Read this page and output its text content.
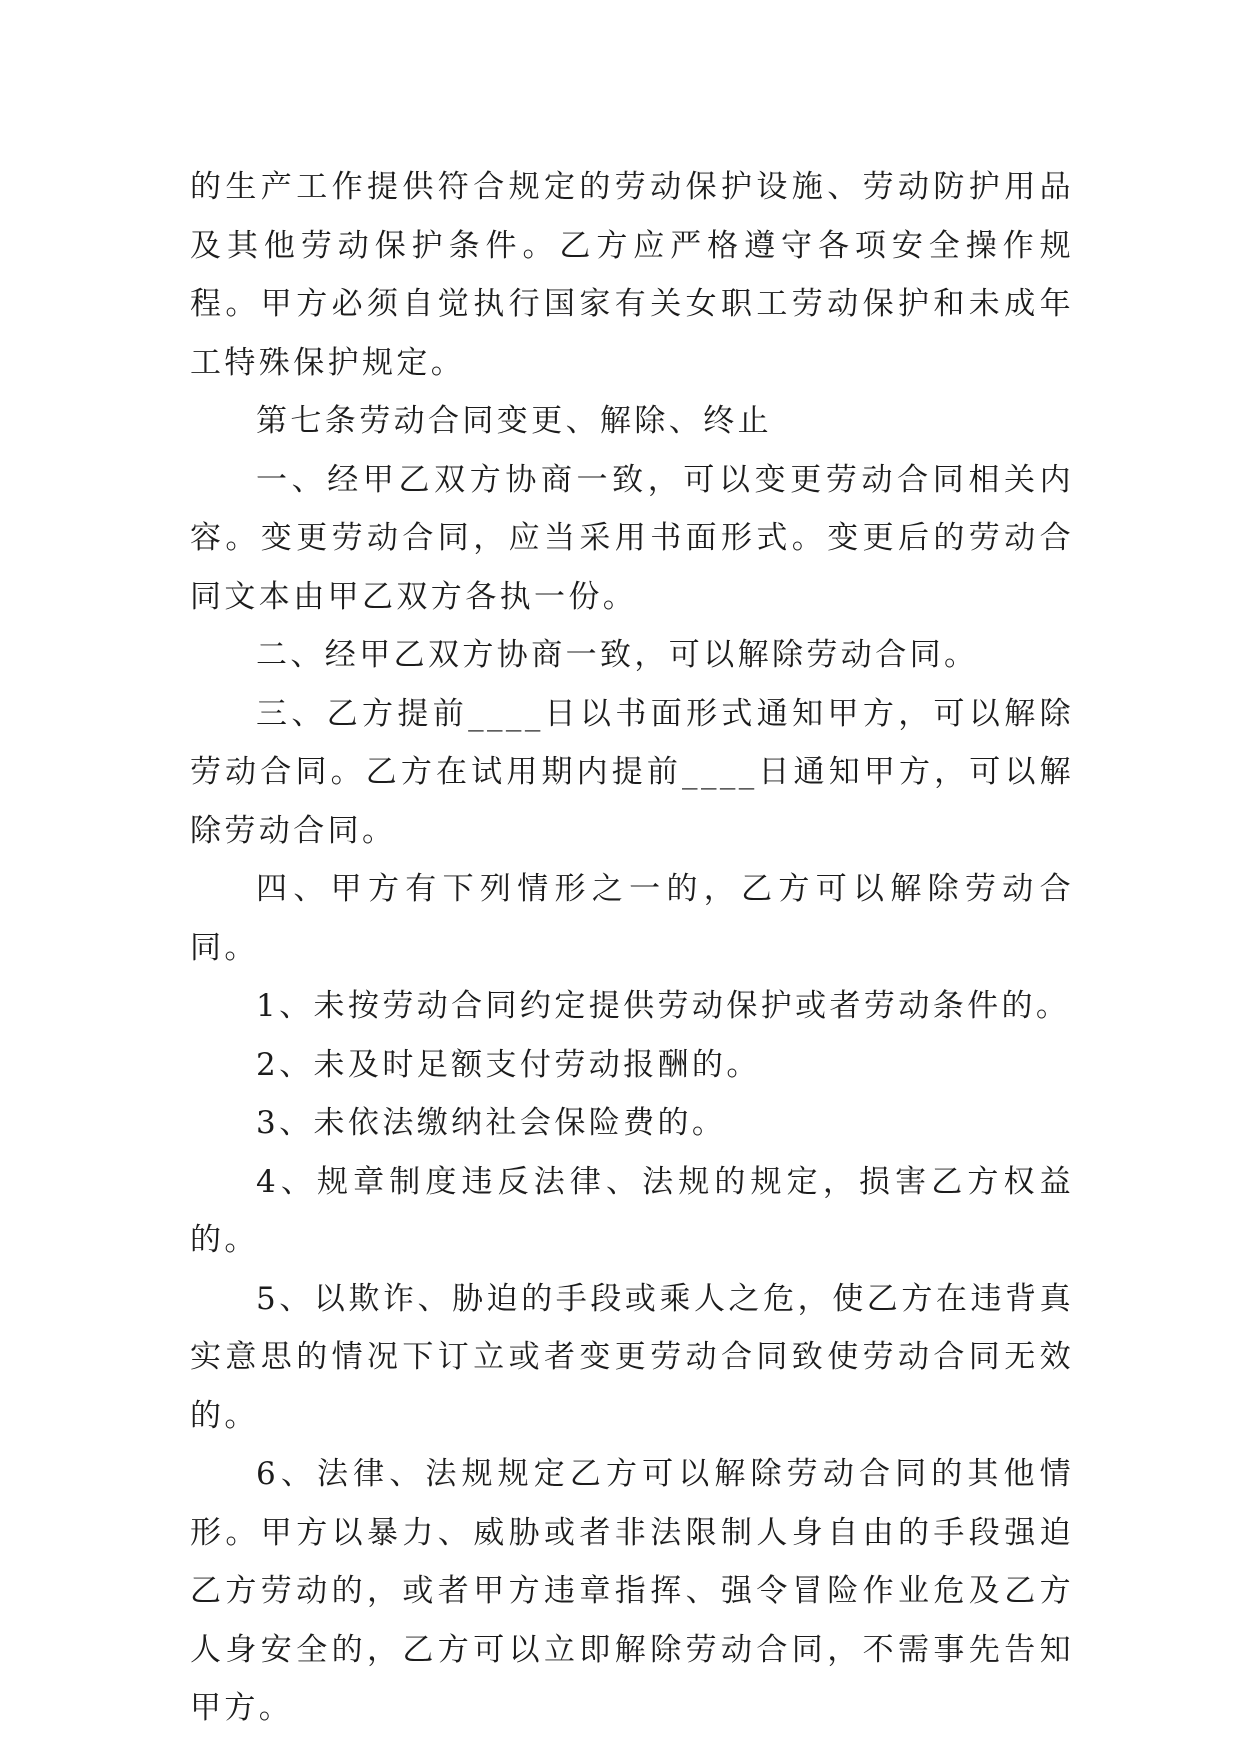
的生产工作提供符合规定的劳动保护设施、劳动防护用品及其他劳动保护条件。乙方应严格遵守各项安全操作规程。甲方必须自觉执行国家有关女职工劳动保护和未成年工特殊保护规定。

第七条劳动合同变更、解除、终止

一、经甲乙双方协商一致，可以变更劳动合同相关内容。变更劳动合同，应当采用书面形式。变更后的劳动合同文本由甲乙双方各执一份。

二、经甲乙双方协商一致，可以解除劳动合同。

三、乙方提前____日以书面形式通知甲方，可以解除劳动合同。乙方在试用期内提前____日通知甲方，可以解除劳动合同。

四、甲方有下列情形之一的，乙方可以解除劳动合同。

1、未按劳动合同约定提供劳动保护或者劳动条件的。

2、未及时足额支付劳动报酬的。

3、未依法缴纳社会保险费的。

4、规章制度违反法律、法规的规定，损害乙方权益的。

5、以欺诈、胁迫的手段或乘人之危，使乙方在违背真实意思的情况下订立或者变更劳动合同致使劳动合同无效的。

6、法律、法规规定乙方可以解除劳动合同的其他情形。甲方以暴力、威胁或者非法限制人身自由的手段强迫乙方劳动的，或者甲方违章指挥、强令冒险作业危及乙方人身安全的，乙方可以立即解除劳动合同，不需事先告知甲方。
